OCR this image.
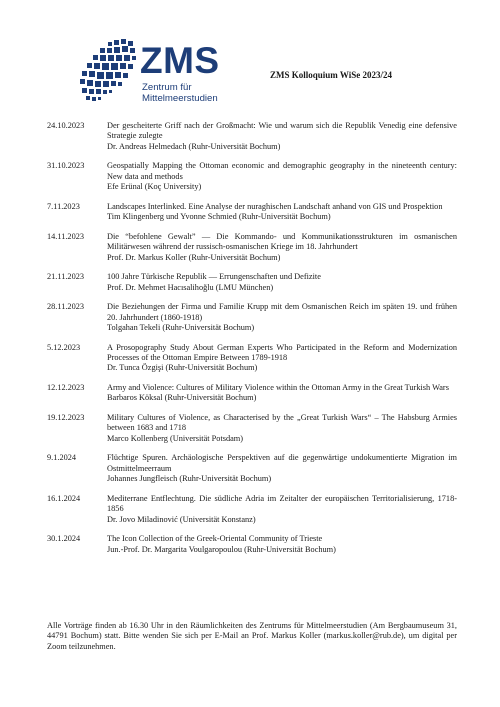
ZMS
Zentrum für
Mittelmeerstudien
ZMS Kolloquium WiSe 2023/24
24.10.2023	Der gescheiterte Griff nach der Großmacht: Wie und warum sich die Republik Venedig eine defensive Strategie zulegte
Dr. Andreas Helmedach (Ruhr-Universität Bochum)
31.10.2023	Geospatially Mapping the Ottoman economic and demographic geography in the nineteenth century: New data and methods
Efe Erünal (Koç University)
7.11.2023	Landscapes Interlinked. Eine Analyse der nuraghischen Landschaft anhand von GIS und Prospektion
Tim Klingenberg und Yvonne Schmied (Ruhr-Universität Bochum)
14.11.2023	Die “befohlene Gewalt” — Die Kommando- und Kommunikationsstrukturen im osmanischen Militärwesen während der russisch-osmanischen Kriege im 18. Jahrhundert
Prof. Dr. Markus Koller (Ruhr-Universität Bochum)
21.11.2023	100 Jahre Türkische Republik — Errungenschaften und Defizite
Prof. Dr. Mehmet Hacısalihoğlu (LMU München)
28.11.2023	Die Beziehungen der Firma und Familie Krupp mit dem Osmanischen Reich im späten 19. und frühen 20. Jahrhundert (1860-1918)
Tolgahan Tekeli (Ruhr-Universität Bochum)
5.12.2023	A Prosopography Study About German Experts Who Participated in the Reform and Modernization Processes of the Ottoman Empire Between 1789-1918
Dr. Tunca Özgişi (Ruhr-Universität Bochum)
12.12.2023	Army and Violence: Cultures of Military Violence within the Ottoman Army in the Great Turkish Wars
Barbaros Köksal (Ruhr-Universität Bochum)
19.12.2023	Military Cultures of Violence, as Characterised by the „Great Turkish Wars“ – The Habsburg Armies between 1683 and 1718
Marco Kollenberg (Universität Potsdam)
9.1.2024	Flüchtige Spuren. Archäologische Perspektiven auf die gegenwärtige undokumentierte Migration im Ostmittelmeerraum
Johannes Jungfleisch (Ruhr-Universität Bochum)
16.1.2024	Mediterrane Entflechtung. Die südliche Adria im Zeitalter der europäischen Territorialisierung, 1718-1856
Dr. Jovo Miladinović (Universität Konstanz)
30.1.2024	The Icon Collection of the Greek-Oriental Community of Trieste
Jun.-Prof. Dr. Margarita Voulgaropoulou (Ruhr-Universität Bochum)
Alle Vorträge finden ab 16.30 Uhr in den Räumlichkeiten des Zentrums für Mittelmeerstudien (Am Bergbaumuseum 31, 44791 Bochum) statt. Bitte wenden Sie sich per E-Mail an Prof. Markus Koller (markus.koller@rub.de), um digital per Zoom teilzunehmen.
